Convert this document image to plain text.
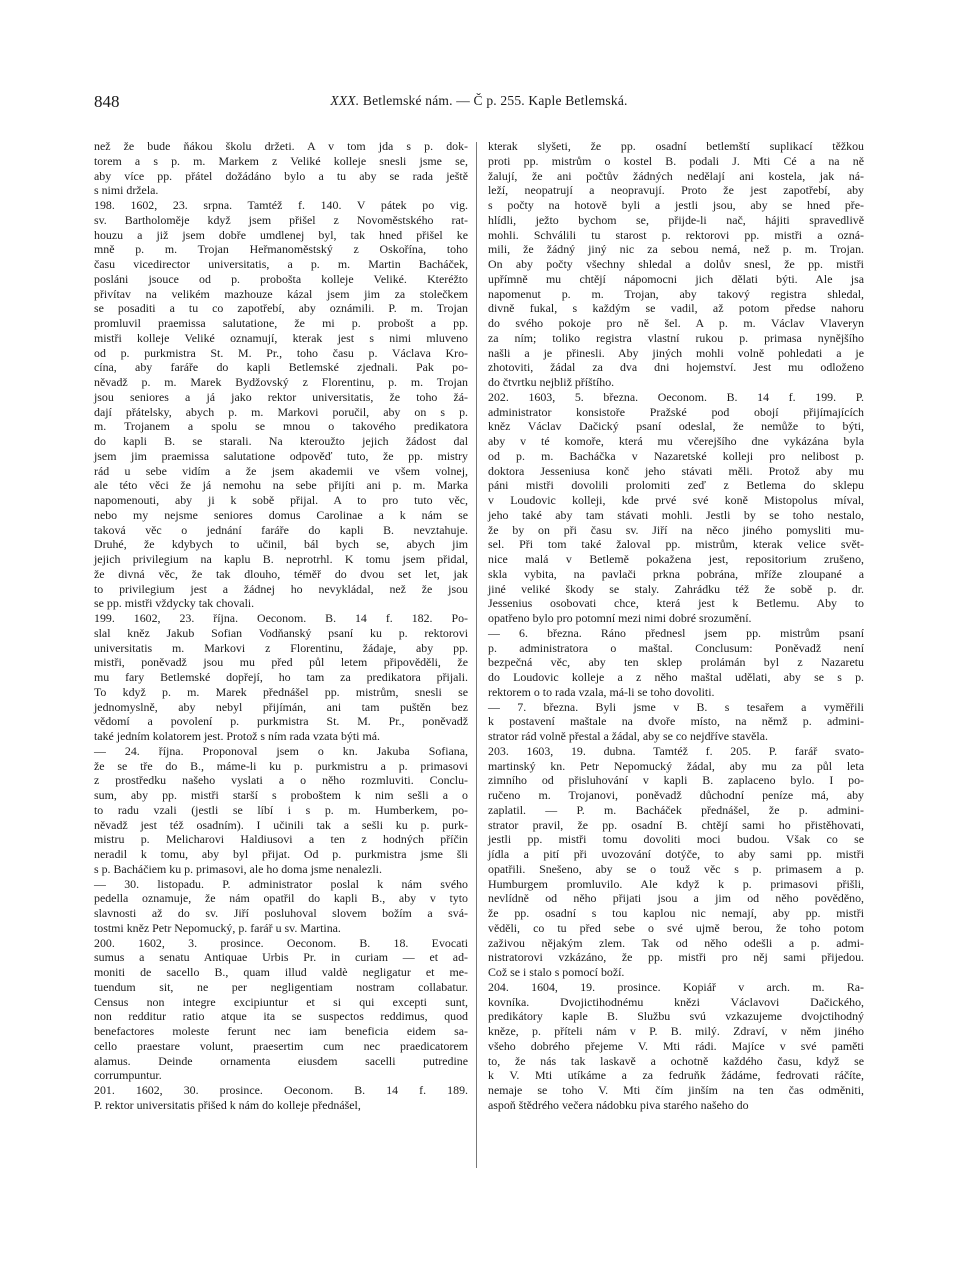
848	XXX. Betlemské nám. — Č p. 255. Kaple Betlemská.
než že bude ňákou školu držeti. A v tom jda s p. dok-
torem a s p. m. Markem z Veliké kolleje snesli jsme se,
aby více pp. přátel dožádáno bylo a tu aby se rada ještě
s nimi držela.
198. 1602, 23. srpna. Tamtéž f. 140. V pátek po vig.
sv. Bartholoměje když jsem přišel z Novoměstského rat-
houzu a již jsem dobře umdlenej byl, tak hned přišel ke
mně p. m. Trojan Heřmanoměstský z Oskořína, toho
času vicedirector universitatis, a p. m. Martin Bacháček,
posláni jsouce od p. probošta kolleje Veliké. Kteréžto
přivítav na velikém mazhouze kázal jsem jim za stolečkem
se posaditi a tu co zapotřebí, aby oznámili. P. m. Trojan
promluvil praemissa salutatione, že mi p. probošt a pp.
mistři kolleje Veliké oznamují, kterak jest s nimi mluveno
od p. purkmistra St. M. Pr., toho času p. Václava Kro-
cína, aby faráře do kapli Betlemské zjednali. Pak po-
něvadž p. m. Marek Bydžovský z Florentinu, p. m. Trojan
jsou seniores a já jako rektor universitatis, že toho žá-
dají přátelsky, abych p. m. Markovi poručil, aby on s p.
m. Trojanem a spolu se mnou o takového predikatora
do kapli B. se starali. Na kteroužto jejich žádost dal
jsem jim praemissa salutatione odpověď tuto, že pp. mistry
rád u sebe vidím a že jsem akademii ve všem volnej,
ale této věci že já nemohu na sebe přijíti ani p. m. Marka
napomenouti, aby ji k sobě přijal. A to pro tuto věc,
nebo my nejsme seniores domus Carolinae a k nám se
taková věc o jednání faráře do kapli B. nevztahuje.
Druhé, že kdybych to učinil, bál bych se, abych jim
jejich privilegium na kaplu B. neprotrhl. K tomu jsem přidal,
že divná věc, že tak dlouho, téměř do dvou set let, jak
to privilegium jest a žádnej ho nevykládal, než že jsou
se pp. mistři vždycky tak chovali.
199. 1602, 23. října. Oeconom. B. 14 f. 182. Po-
slal kněz Jakub Sofian Vodňanský psaní ku p. rektorovi
universitatis m. Markovi z Florentinu, žádaje, aby pp.
mistři, poněvadž jsou mu před půl letem připověděli, že
mu fary Betlemské dopřejí, ho tam za predikatora přijali.
To když p. m. Marek přednášel pp. mistrům, snesli se
jednomyslně, aby nebyl přijímán, ani tam puštěn bez
vědomí a povolení p. purkmistra St. M. Pr., poněvadž
také jedním kolatorem jest. Protož s ním rada vzata býti má.
— 24. října. Proponoval jsem o kn. Jakuba Sofiana,
že se tře do B., máme-li ku p. purkmistru a p. primasovi
z prostředku našeho vyslati a o něho rozmluviti. Conclu-
sum, aby pp. mistři starší s proboštem k nim sešli a o
to radu vzali (jestli se líbí i s p. m. Humberkem, po-
něvadž jest též osadním). I učinili tak a sešli ku p. purk-
mistru p. Melicharovi Haldiusovi a ten z hodných příčin
neradil k tomu, aby byl přijat. Od p. purkmistra jsme šli
s p. Bacháčiem ku p. primasovi, ale ho doma jsme nenalezli.
— 30. listopadu. P. administrator poslal k nám svého
pedella oznamuje, že nám opatřil do kapli B., aby v tyto
slavnosti až do sv. Jiří posluhoval slovem božím a svá-
tostmi kněz Petr Nepomucký, p. farář u sv. Martina.
200. 1602, 3. prosince. Oeconom. B. 18. Evocati
sumus a senatu Antiquae Urbis Pr. in curiam — et ad-
moniti de sacello B., quam illud valdè negligatur et me-
tuendum sit, ne per negligentiam nostram collabatur.
Census non integre excipiuntur et si qui excepti sunt,
non redditur ratio atque ita se suspectos reddimus, quod
benefactores moleste ferunt nec iam beneficia eidem sa-
cello praestare volunt, praesertim cum nec praedicatorem
alamus. Deinde ornamenta eiusdem sacelli putredine
corrumpuntur.
201. 1602, 30. prosince. Oeconom. B. 14 f. 189.
P. rektor universitatis přišed k nám do kolleje přednášel,
kterak slyšeti, že pp. osadní betlemští suplikací těžkou
proti pp. mistrům o kostel B. podali J. Mti Cé a na ně
žalují, že ani počtův žádných nedělají ani kostela, jak ná-
leží, neopatrují a neopravují. Proto že jest zapotřebí, aby
s počty na hotově byli a jestli jsou, aby se hned pře-
hlídli, ježto bychom se, přijde-li nač, hájiti spravedlivě
mohli. Schválili tu starost p. rektorovi pp. mistři a ozná-
mili, že žádný jiný nic za sebou nemá, než p. m. Trojan.
On aby počty všechny shledal a dolův snesl, že pp. mistři
upřímně mu chtějí nápomocni jich dělati býti. Ale jsa
napomenut p. m. Trojan, aby takový registra shledal,
divně fukal, s každým se vadil, až potom předse nahoru
do svého pokoje pro ně šel. A p. m. Václav Vlaveryn
za ním; toliko registra vlastní rukou p. primasa nynějšího
našli a je přinesli. Aby jiných mohli volně pohledati a je
zhotoviti, žádal za dva dni hojemství. Jest mu odloženo
do čtvrtku nejbliž příštího.
202. 1603, 5. března. Oeconom. B. 14 f. 199. P.
administrator konsistoře Pražské pod obojí přijímajících
kněz Václav Dačický psaní odeslal, že nemůže to býti,
aby v té komoře, která mu včerejšího dne vykázána byla
od p. m. Bacháčka v Nazaretské kolleji pro nelibost p.
doktora Jesseniusa konč jeho stávati měli. Protož aby mu
páni mistři dovolili prolomiti zeď z Betlema do sklepu
v Loudovic kolleji, kde prvé své koně Mistopolus míval,
jeho také aby tam stávati mohli. Jestli by se toho nestalo,
že by on při času sv. Jiří na něco jiného pomysliti mu-
sel. Při tom také žaloval pp. mistrům, kterak velice svět-
nice malá v Betlemě pokažena jest, repositorium zrušeno,
skla vybita, na pavlači prkna pobrána, mříže zloupané a
jiné veliké škody se staly. Zahrádku též že sobě p. dr.
Jessenius osobovati chce, která jest k Betlemu. Aby to
opatřeno bylo pro potomní mezi nimi dobré srozumění.
— 6. března. Ráno přednesl jsem pp. mistrům psaní
p. administratora o maštal. Conclusum: Poněvadž není
bezpečná věc, aby ten sklep prolámán byl z Nazaretu
do Loudovic kolleje a z něho maštal udělati, aby se s p.
rektorem o to rada vzala, má-li se toho dovoliti.
— 7. března. Byli jsme v B. s tesařem a vyměřili
k postavení maštale na dvoře místo, na němž p. admini-
strator rád volně přestal a žádal, aby se co nejdříve stavěla.
203. 1603, 19. dubna. Tamtéž f. 205. P. farář svato-
martinský kn. Petr Nepomucký žádal, aby mu za půl leta
zimního od přisluhování v kapli B. zaplaceno bylo. I po-
ručeno m. Trojanovi, poněvadž důchodní peníze má, aby
zaplatil. — P. m. Bacháček přednášel, že p. admini-
strator pravil, že pp. osadní B. chtějí sami ho přistěhovati,
jestli pp. mistři tomu dovoliti moci budou. Však co se
jídla a pití při uvozování dotýče, to aby sami pp. mistři
opatřili. Snešeno, aby se o touž věc s p. primasem a p.
Humburgem promluvilo. Ale když k p. primasovi přišli,
nevlídně od něho přijati jsou a jim od něho pověděno,
že pp. osadní s tou kaplou nic nemají, aby pp. mistři
věděli, co tu před sebe o své ujmě berou, že toho potom
zaživou nějakým zlem. Tak od něho odešli a p. admi-
nistratorovi vzkázáno, že pp. mistři pro něj sami přijedou.
Což se i stalo s pomocí boží.
204. 1604, 19. prosince. Kopiář v arch. m. Ra-
kovníka. Dvojictihodnému knězi Václavovi Dačického,
predikátory kaple B. Službu svú vzkazujeme dvojctihodný
kněze, p. příteli nám v P. B. milý. Zdraví, v něm jiného
všeho dobrého přejeme V. Mti rádi. Majíce v své paměti
to, že nás tak laskavě a ochotně každého času, když se
k V. Mti utíkáme a za fedruňk žádáme, fedrovati ráčíte,
nemaje se toho V. Mti čím jinším na ten čas odměniti,
aspoň štědrého večera nádobku piva starého našeho do
